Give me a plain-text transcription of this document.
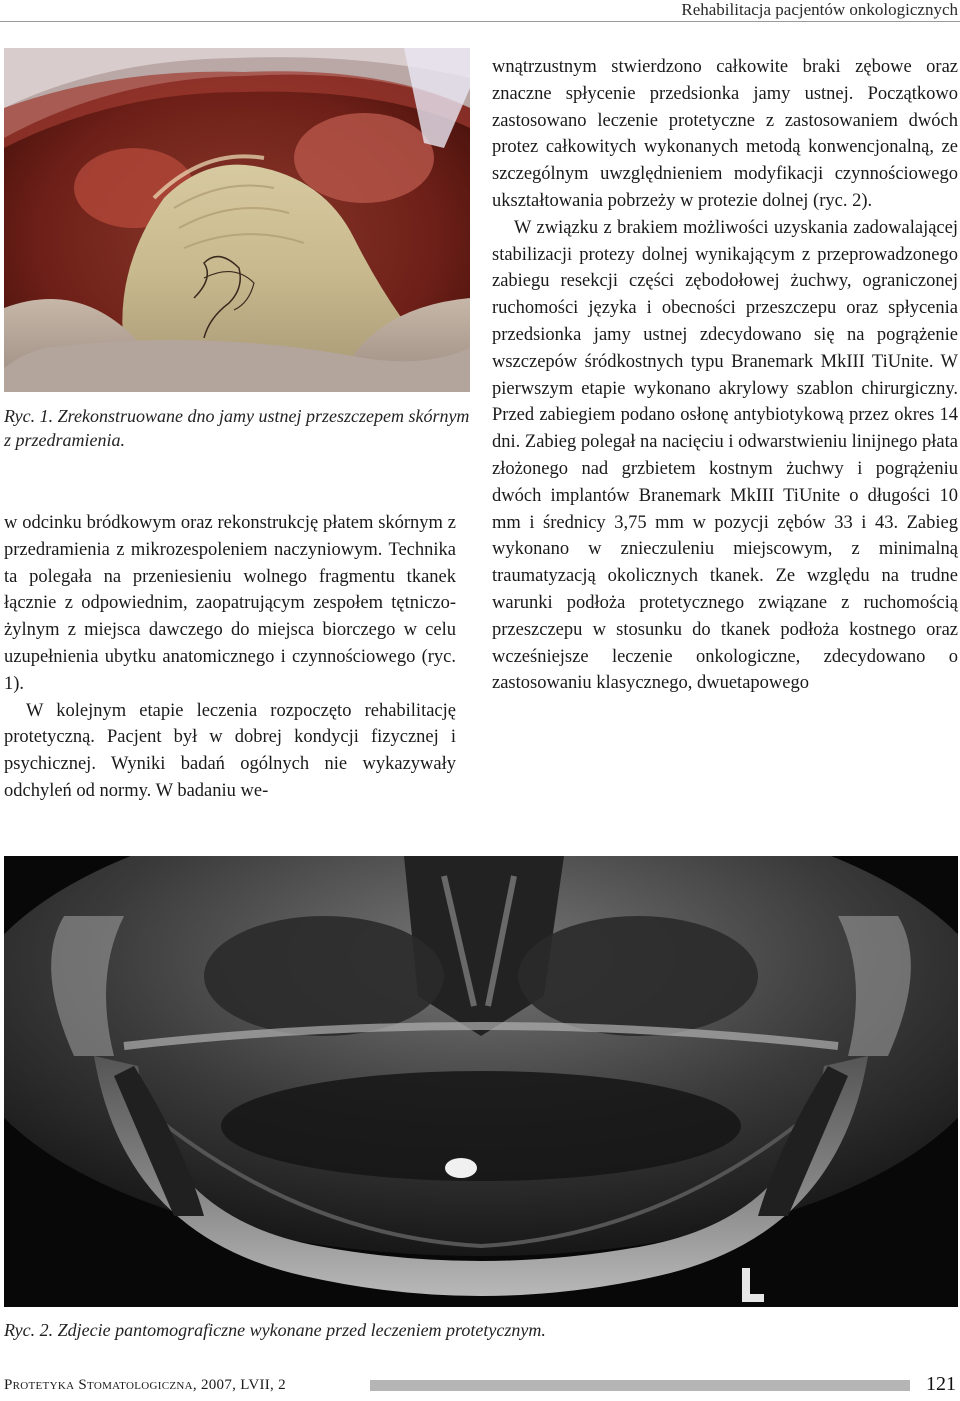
Rehabilitacja pacjentów onkologicznych
Ryc. 1. Zrekonstruowane dno jamy ustnej przeszczepem skórnym z przedramienia.

w odcinku bródkowym oraz rekonstrukcję płatem skórnym z przedramienia z mikrozespoleniem naczyniowym. Technika ta polegała na przeniesieniu wolnego fragmentu tkanek łącznie z odpowiednim, zaopatrującym zespołem tętniczo-żylnym z miejsca dawczego do miejsca biorczego w celu uzupełnienia ubytku anatomicznego i czynnościowego (ryc. 1).

W kolejnym etapie leczenia rozpoczęto rehabilitację protetyczną. Pacjent był w dobrej kondycji fizycznej i psychicznej. Wyniki badań ogólnych nie wykazywały odchyleń od normy. W badaniu we-

wnątrzustnym stwierdzono całkowite braki zębowe oraz znaczne spłycenie przedsionka jamy ustnej. Początkowo zastosowano leczenie protetyczne z zastosowaniem dwóch protez całkowitych wykonanych metodą konwencjonalną, ze szczególnym uwzględnieniem modyfikacji czynnościowego ukształtowania pobrzeży w protezie dolnej (ryc. 2).

W związku z brakiem możliwości uzyskania zadowalającej stabilizacji protezy dolnej wynikającym z przeprowadzonego zabiegu resekcji części zębodołowej żuchwy, ograniczonej ruchomości języka i obecności przeszczepu oraz spłycenia przedsionka jamy ustnej zdecydowano się na pogrążenie wszczepów śródkostnych typu Branemark MkIII TiUnite. W pierwszym etapie wykonano akrylowy szablon chirurgiczny. Przed zabiegiem podano osłonę antybiotykową przez okres 14 dni. Zabieg polegał na nacięciu i odwarstwieniu linijnego płata złożonego nad grzbietem kostnym żuchwy i pogrążeniu dwóch implantów Branemark MkIII TiUnite o długości 10 mm i średnicy 3,75 mm w pozycji zębów 33 i 43. Zabieg wykonano w znieczuleniu miejscowym, z minimalną traumatyzacją okolicznych tkanek. Ze względu na trudne warunki podłoża protetycznego związane z ruchomością przeszczepu w stosunku do tkanek podłoża kostnego oraz wcześniejsze leczenie onkologiczne, zdecydowano o zastosowaniu klasycznego, dwuetapowego

L
Ryc. 2. Zdjecie pantomograficzne wykonane przed leczeniem protetycznym.
Protetyka Stomatologiczna, 2007, LVII, 2	121
